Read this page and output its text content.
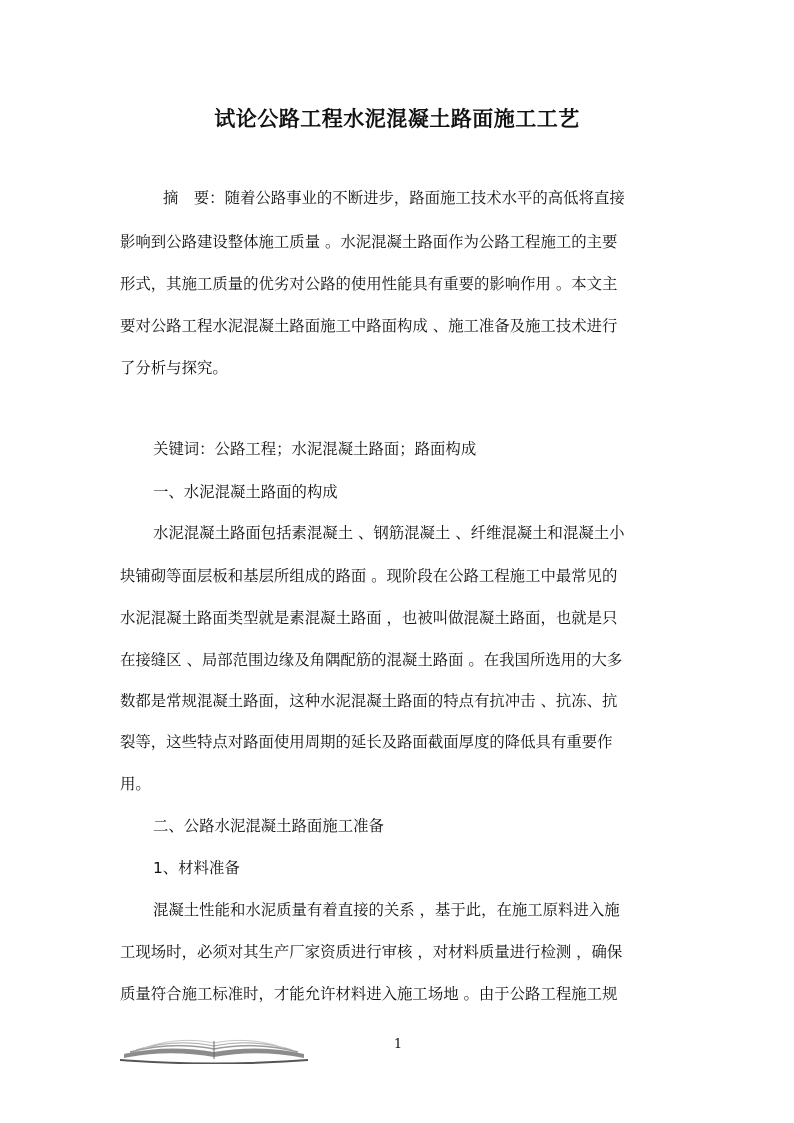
试论公路工程水泥混凝土路面施工工艺
摘　要：随着公路事业的不断进步，路面施工技术水平的高低将直接
影响到公路建设整体施工质量 。水泥混凝土路面作为公路工程施工的主要
形式，其施工质量的优劣对公路的使用性能具有重要的影响作用 。本文主
要对公路工程水泥混凝土路面施工中路面构成 、施工准备及施工技术进行
了分析与探究。
关键词：公路工程；水泥混凝土路面；路面构成
一、水泥混凝土路面的构成
水泥混凝土路面包括素混凝土 、钢筋混凝土 、纤维混凝土和混凝土小
块铺砌等面层板和基层所组成的路面 。现阶段在公路工程施工中最常见的
水泥混凝土路面类型就是素混凝土路面 ，也被叫做混凝土路面，也就是只
在接缝区 、局部范围边缘及角隅配筋的混凝土路面 。在我国所选用的大多
数都是常规混凝土路面，这种水泥混凝土路面的特点有抗冲击 、抗冻、抗
裂等，这些特点对路面使用周期的延长及路面截面厚度的降低具有重要作
用。
二、公路水泥混凝土路面施工准备
1、材料准备
混凝土性能和水泥质量有着直接的关系 ，基于此，在施工原料进入施
工现场时，必须对其生产厂家资质进行审核 ，对材料质量进行检测 ，确保
质量符合施工标准时，才能允许材料进入施工场地 。由于公路工程施工规
1
